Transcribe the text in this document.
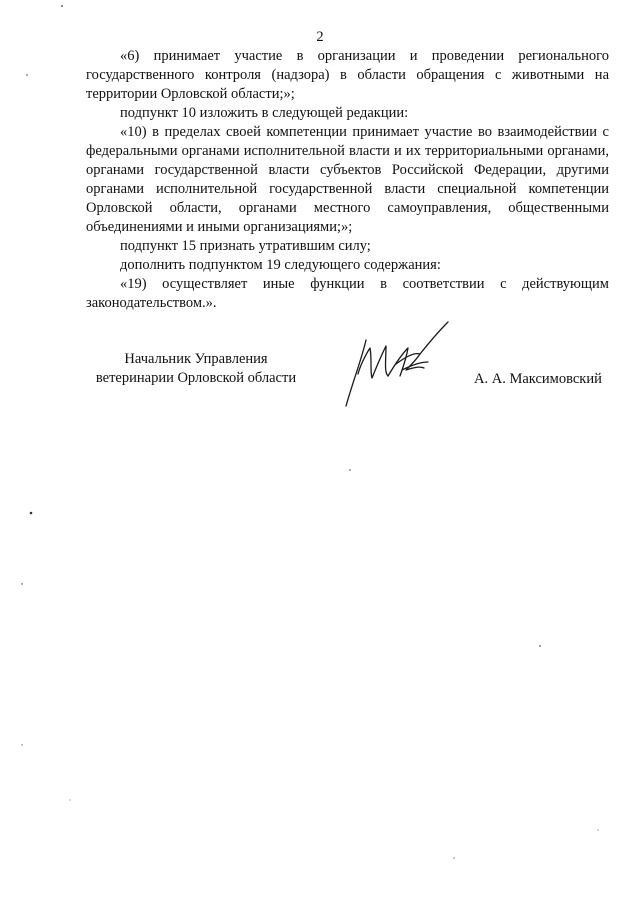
2

«6) принимает участие в организации и проведении регионального государственного контроля (надзора) в области обращения с животными на территории Орловской области;»;

подпункт 10 изложить в следующей редакции:

«10) в пределах своей компетенции принимает участие во взаимодействии с федеральными органами исполнительной власти и их территориальными органами, органами государственной власти субъектов Российской Федерации, другими органами исполнительной государственной власти специальной компетенции Орловской области, органами местного самоуправления, общественными объединениями и иными организациями;»;

подпункт 15 признать утратившим силу;

дополнить подпунктом 19 следующего содержания:

«19) осуществляет иные функции в соответствии с действующим законодательством.».

Начальник Управления
ветеринарии Орловской области	А. А. Максимовский
